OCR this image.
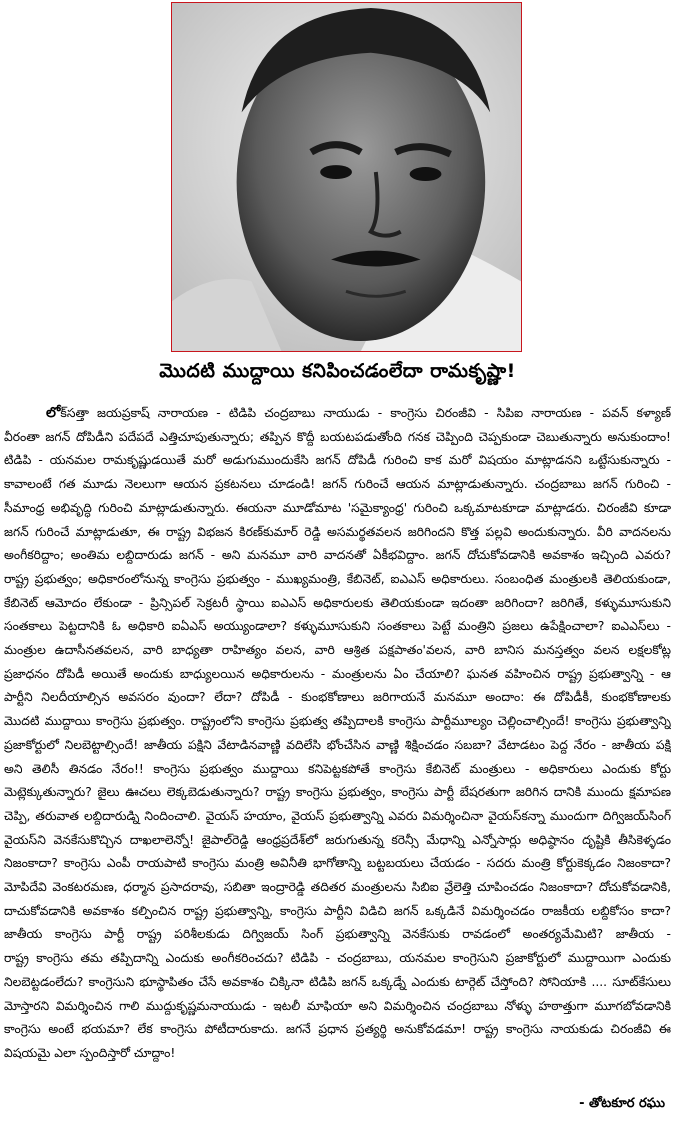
మొదటి ముద్దాయి కనిపించడంలేదా రామకృష్ణా!
లోక్‌సత్తా జయప్రకాష్ నారాయణ - టిడిపి చంద్రబాబు నాయుడు - కాంగ్రెసు చిరంజీవి - సిపిఐ నారాయణ - పవన్ కళ్యాణ్
వీరంతా జగన్ దోపిడీని పదేపదే ఎత్తిచూపుతున్నారు; తప్పిన కొద్దీ బయటపడుతోంది గనక చెప్పింది చెప్పకుండా చెబుతున్నారు అనుకుందాం!
టిడిపి - యనమల రామకృష్ణుడయితే మరో అడుగుముందుకేసి జగన్ దోపిడీ గురించి కాక మరో విషయం మాట్లాడనని ఒట్టేసుకున్నారు -
కావాలంటే గత మూడు నెలలుగా ఆయన ప్రకటనలు చూడండి! జగన్ గురించే ఆయన మాట్లాడుతున్నారు. చంద్రబాబు జగన్ గురించి -
సీమాంధ్ర అభివృద్ధి గురించి మాట్లాడుతున్నారు. ఈయనా మూడోమాట 'సమైక్యాంధ్ర' గురించి ఒక్కమాటకూడా మాట్లాడరు. చిరంజీవి కూడా
జగన్ గురించే మాట్లాడుతూ, ఈ రాష్ట్ర విభజన కిరణ్‌కుమార్ రెడ్డి అసమర్థతవలన జరిగిందని కొత్త పల్లవి అందుకున్నారు. వీరి వాదనలను
అంగీకరిద్దాం; అంతిమ లబ్దిదారుడు జగన్ - అని మనమూ వారి వాదనతో ఏకీభవిద్దాం. జగన్ దోచుకోవడానికి అవకాశం ఇచ్చింది ఎవరు?
రాష్ట్ర ప్రభుత్వం; అధికారంలోనున్న కాంగ్రెసు ప్రభుత్వం - ముఖ్యమంత్రి, కేబినెట్, ఐఎఎస్ అధికారులు. సంబంధిత మంత్రులకి తెలియకుండా,
కేబినెట్ ఆమోదం లేకుండా - ప్రిన్సిపల్ సెక్రటరీ స్థాయి ఐఎఎస్ అధికారులకు తెలియకుండా ఇదంతా జరిగిందా? జరిగితే, కళ్ళుమూసుకుని
సంతకాలు పెట్టదానికి ఓ అధికారి ఐఏఎస్ అయ్యుండాలా? కళ్ళుమూసుకుని సంతకాలు పెట్టే మంత్రిని ప్రజలు ఉపేక్షించాలా? ఐఎఎస్‌లు -
మంత్రుల ఉదాసీనతవలన, వారి బాధ్యతా రాహిత్యం వలన, వారి ఆశ్రిత పక్షపాతం'వలన, వారి బానిస మనస్తత్వం వలన లక్షలకోట్ల
ప్రజాధనం దోపిడీ అయితే అందుకు బాధ్యులయిన అధికారులను - మంత్రులను ఏం చేయాలి? ఘనత వహించిన రాష్ట్ర ప్రభుత్వాన్ని - ఆ
పార్టీని నిలదీయాల్సిన అవసరం వుందా? లేదా? దోపిడీ - కుంభకోణాలు జరిగాయనే మనమూ అందాం: ఈ దోపిడీకీ, కుంభకోణాలకు
మొదటి ముద్దాయి కాంగ్రెసు ప్రభుత్వం. రాష్ట్రంలోని కాంగ్రెసు ప్రభుత్వ తప్పిదాలకి కాంగ్రెసు పార్టీమూల్యం చెల్లించాల్సిందే! కాంగ్రెసు ప్రభుత్వాన్ని
ప్రజాకోర్టులో నిలబెట్టాల్సిందే! జాతీయ పక్షిని వేటాడినవాణ్ణి వదిలేసి భోంచేసిన వాణ్ణి శిక్షించడం సబబా? వేటాడటం పెద్ద నేరం - జాతీయ పక్షి
అని తెలిసీ తినడం నేరం!! కాంగ్రెసు ప్రభుత్వం ముద్దాయి కనిపెట్టకపోతే కాంగ్రెసు కేబినెట్ మంత్రులు - అధికారులు ఎందుకు కోర్టు
మెట్లెక్కుతున్నారు? జైలు ఊచలు లెక్కబెడుతున్నారు? రాష్ట్ర కాంగ్రెసు ప్రభుత్వం, కాంగ్రెసు పార్టీ బేషరతుగా జరిగిన దానికి ముందు క్షమాపణ
చెప్పి, తరువాత లబ్దిదారుడ్ని నిందించాలి. వైయస్ హయాం, వైయస్ ప్రభుత్వాన్ని ఎవరు విమర్శించినా వైయస్‌కన్నా ముందుగా దిగ్విజయ్‌సింగ్
వైయస్‌ని వెనకేసుకొచ్చిన దాఖలాలెన్నో! జైపాల్‌రెడ్డి ఆంధ్రప్రదేశ్‌లో జరుగుతున్న కరెన్సీ మేధాన్ని ఎన్నోసార్లు అధిష్ఠానం దృష్టికి తీసికెళ్ళడం
నిజంకాదా? కాంగ్రెసు ఎంపీ రాయపాటి కాంగ్రెసు మంత్రి అవినీతి భాగోతాన్ని బట్టబయలు చేయడం - సదరు మంత్రి కోర్టుకెక్కడం నిజంకాదా?
మోపిదేవి వెంకటరమణ, ధర్మాన ప్రసాదరావు, సబితా ఇంద్రారెడ్డి తదితర మంత్రులను సిబిఐ వ్రేలెత్తి చూపించడం నిజంకాదా? దోచుకోవడానికి,
దాచుకోవడానికి అవకాశం కల్పించిన రాష్ట్ర ప్రభుత్వాన్ని, కాంగ్రెసు పార్టీని విడిచి జగన్ ఒక్కడినే విమర్శించడం రాజకీయ లబ్దికోసం కాదా?
జాతీయ కాంగ్రెసు పార్టీ రాష్ట్ర పరిశీలకుడు దిగ్విజయ్ సింగ్ ప్రభుత్వాన్ని వెనకేసుకు రావడంలో అంతర్యమేమిటి? జాతీయ -
రాష్ట్ర కాంగ్రెసు తమ తప్పిదాన్ని ఎందుకు అంగీకరించదు? టిడిపి - చంద్రబాబు, యనమల కాంగ్రెసుని ప్రజాకోర్టులో ముద్దాయిగా ఎందుకు
నిలబెట్టడంలేదు? కాంగ్రెసుని భూస్థాపితం చేసే అవకాశం చిక్కినా టిడిపి జగన్ ఒక్కడ్నే ఎందుకు టార్గెట్ చేస్తోంది? సోనియాకి .... సూట్‌కేసులు
మోస్తారని విమర్శించిన గాలి ముద్దుకృష్ణమనాయుడు - ఇటలీ మాఫియా అని విమర్శించిన చంద్రబాబు నోళ్ళు హఠాత్తుగా మూగబోవడానికి
కాంగ్రెసు అంటే భయమా? లేక కాంగ్రెసు పోటీదారుకాదు. జగనే ప్రధాన ప్రత్యర్థి అనుకోవడమా! రాష్ట్ర కాంగ్రెసు నాయకుడు చిరంజీవి ఈ
విషయమై ఎలా స్పందిస్తారో చూద్దాం!
- తోటకూర రఘు
